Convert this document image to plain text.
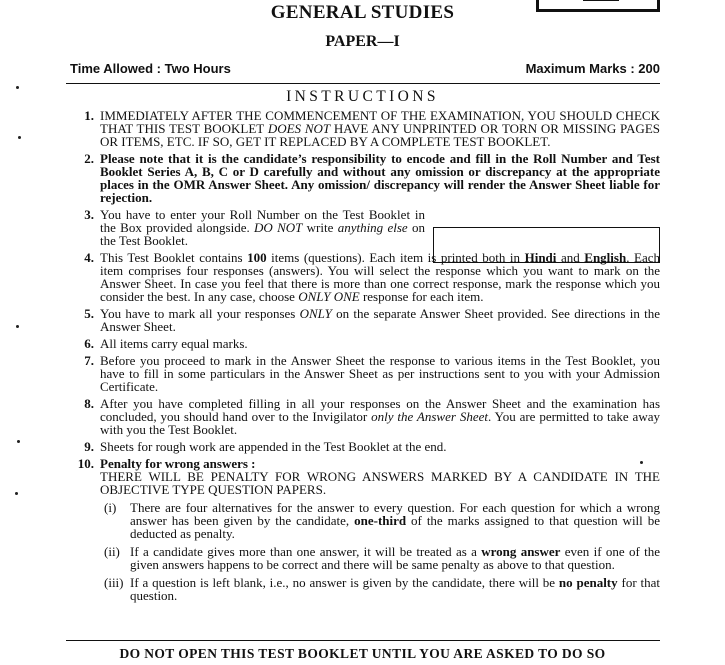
GENERAL STUDIES
PAPER—I
Time Allowed : Two Hours	Maximum Marks : 200
INSTRUCTIONS
1. IMMEDIATELY AFTER THE COMMENCEMENT OF THE EXAMINATION, YOU SHOULD CHECK THAT THIS TEST BOOKLET DOES NOT HAVE ANY UNPRINTED OR TORN OR MISSING PAGES OR ITEMS, ETC. IF SO, GET IT REPLACED BY A COMPLETE TEST BOOKLET.
2. Please note that it is the candidate’s responsibility to encode and fill in the Roll Number and Test Booklet Series A, B, C or D carefully and without any omission or discrepancy at the appropriate places in the OMR Answer Sheet. Any omission/ discrepancy will render the Answer Sheet liable for rejection.
3. You have to enter your Roll Number on the Test Booklet in the Box provided alongside. DO NOT write anything else on the Test Booklet.
4. This Test Booklet contains 100 items (questions). Each item is printed both in Hindi and English. Each item comprises four responses (answers). You will select the response which you want to mark on the Answer Sheet. In case you feel that there is more than one correct response, mark the response which you consider the best. In any case, choose ONLY ONE response for each item.
5. You have to mark all your responses ONLY on the separate Answer Sheet provided. See directions in the Answer Sheet.
6. All items carry equal marks.
7. Before you proceed to mark in the Answer Sheet the response to various items in the Test Booklet, you have to fill in some particulars in the Answer Sheet as per instructions sent to you with your Admission Certificate.
8. After you have completed filling in all your responses on the Answer Sheet and the examination has concluded, you should hand over to the Invigilator only the Answer Sheet. You are permitted to take away with you the Test Booklet.
9. Sheets for rough work are appended in the Test Booklet at the end.
10. Penalty for wrong answers :
THERE WILL BE PENALTY FOR WRONG ANSWERS MARKED BY A CANDIDATE IN THE OBJECTIVE TYPE QUESTION PAPERS.
(i) There are four alternatives for the answer to every question. For each question for which a wrong answer has been given by the candidate, one-third of the marks assigned to that question will be deducted as penalty.
(ii) If a candidate gives more than one answer, it will be treated as a wrong answer even if one of the given answers happens to be correct and there will be same penalty as above to that question.
(iii) If a question is left blank, i.e., no answer is given by the candidate, there will be no penalty for that question.
DO NOT OPEN THIS TEST BOOKLET UNTIL YOU ARE ASKED TO DO SO
